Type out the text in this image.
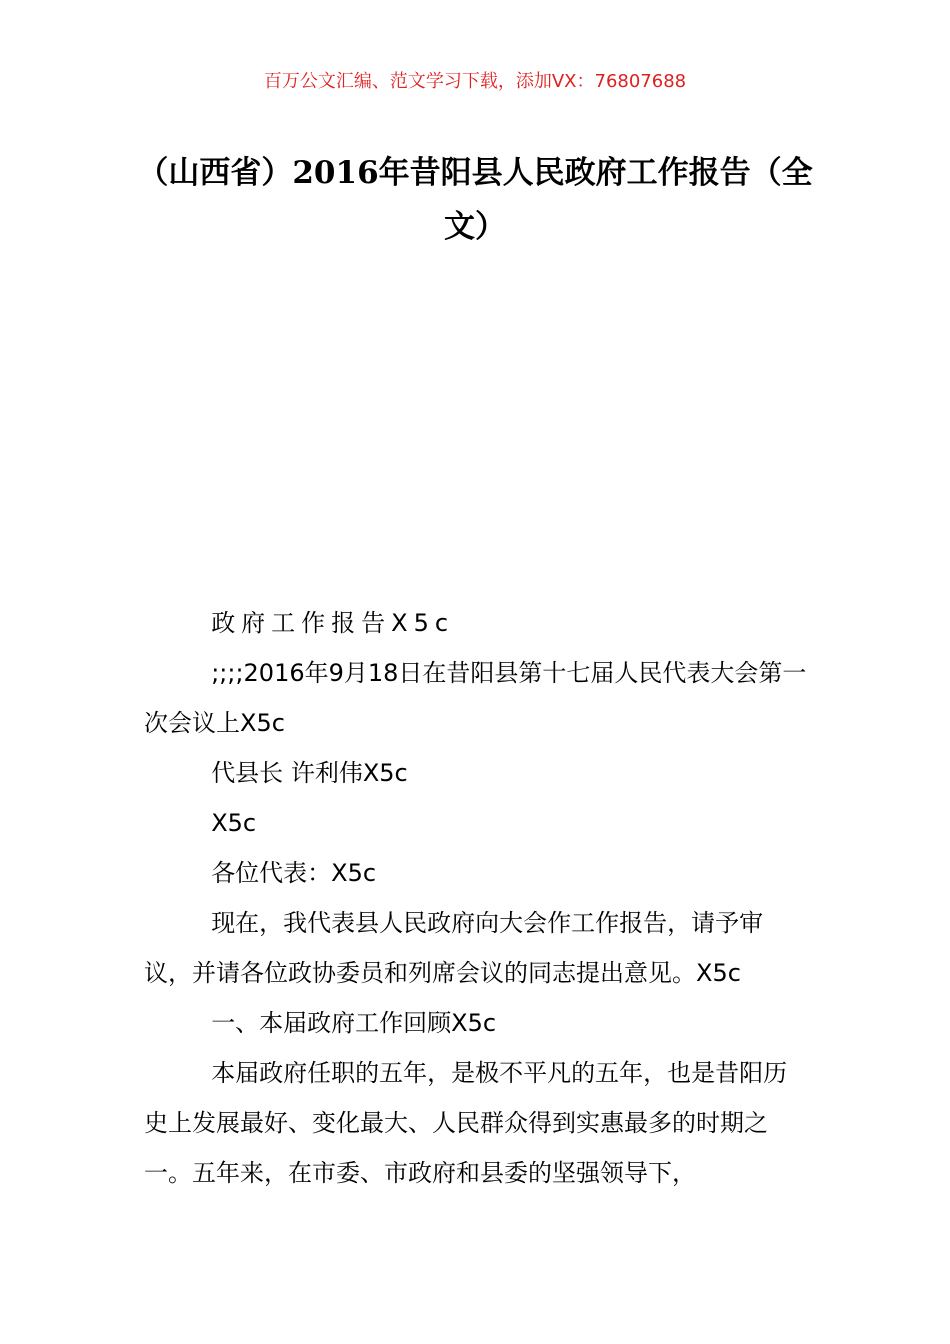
百万公文汇编、范文学习下载，添加VX：76807688
（山西省）2016年昔阳县人民政府工作报告（全文）

政府工作报告X5c

;;;;2016年9月18日在昔阳县第十七届人民代表大会第一次会议上X5c

代县长 许利伟X5c

X5c

各位代表：X5c

现在，我代表县人民政府向大会作工作报告，请予审议，并请各位政协委员和列席会议的同志提出意见。X5c

一、本届政府工作回顾X5c

本届政府任职的五年，是极不平凡的五年，也是昔阳历史上发展最好、变化最大、人民群众得到实惠最多的时期之一。五年来，在市委、市政府和县委的坚强领导下，
